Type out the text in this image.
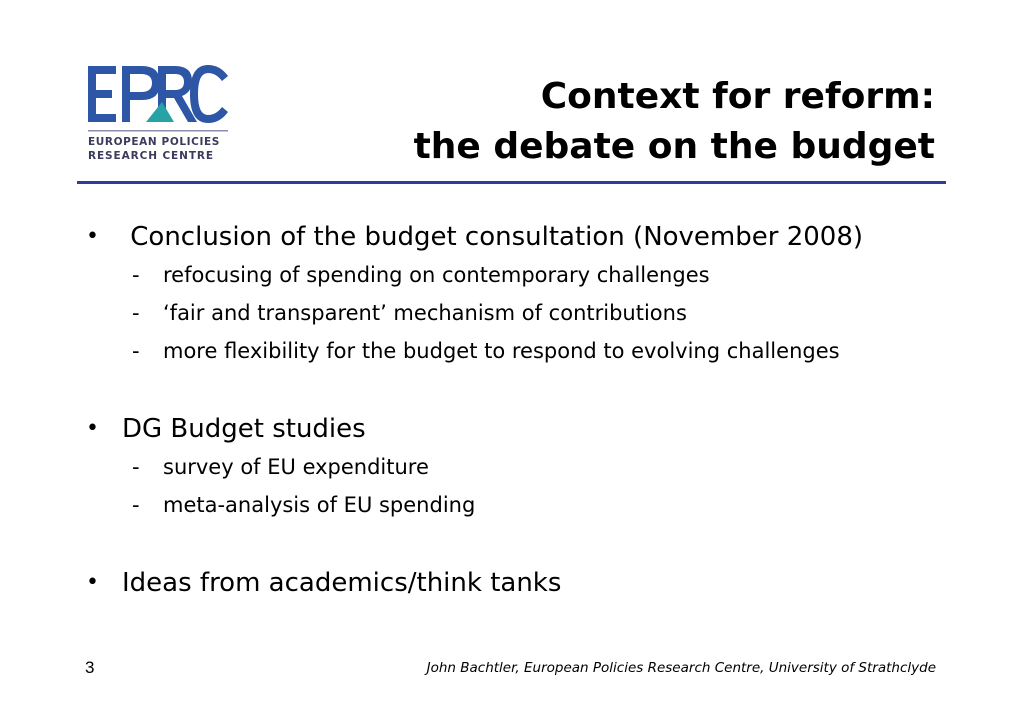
EUROPEAN POLICIES
RESEARCH CENTRE
Context for reform:
the debate on the budget
• Conclusion of the budget consultation (November 2008)
- refocusing of spending on contemporary challenges
- ‘fair and transparent’ mechanism of contributions
- more flexibility for the budget to respond to evolving challenges
• DG Budget studies
- survey of EU expenditure
- meta-analysis of EU spending
• Ideas from academics/think tanks
3	John Bachtler, European Policies Research Centre, University of Strathclyde
